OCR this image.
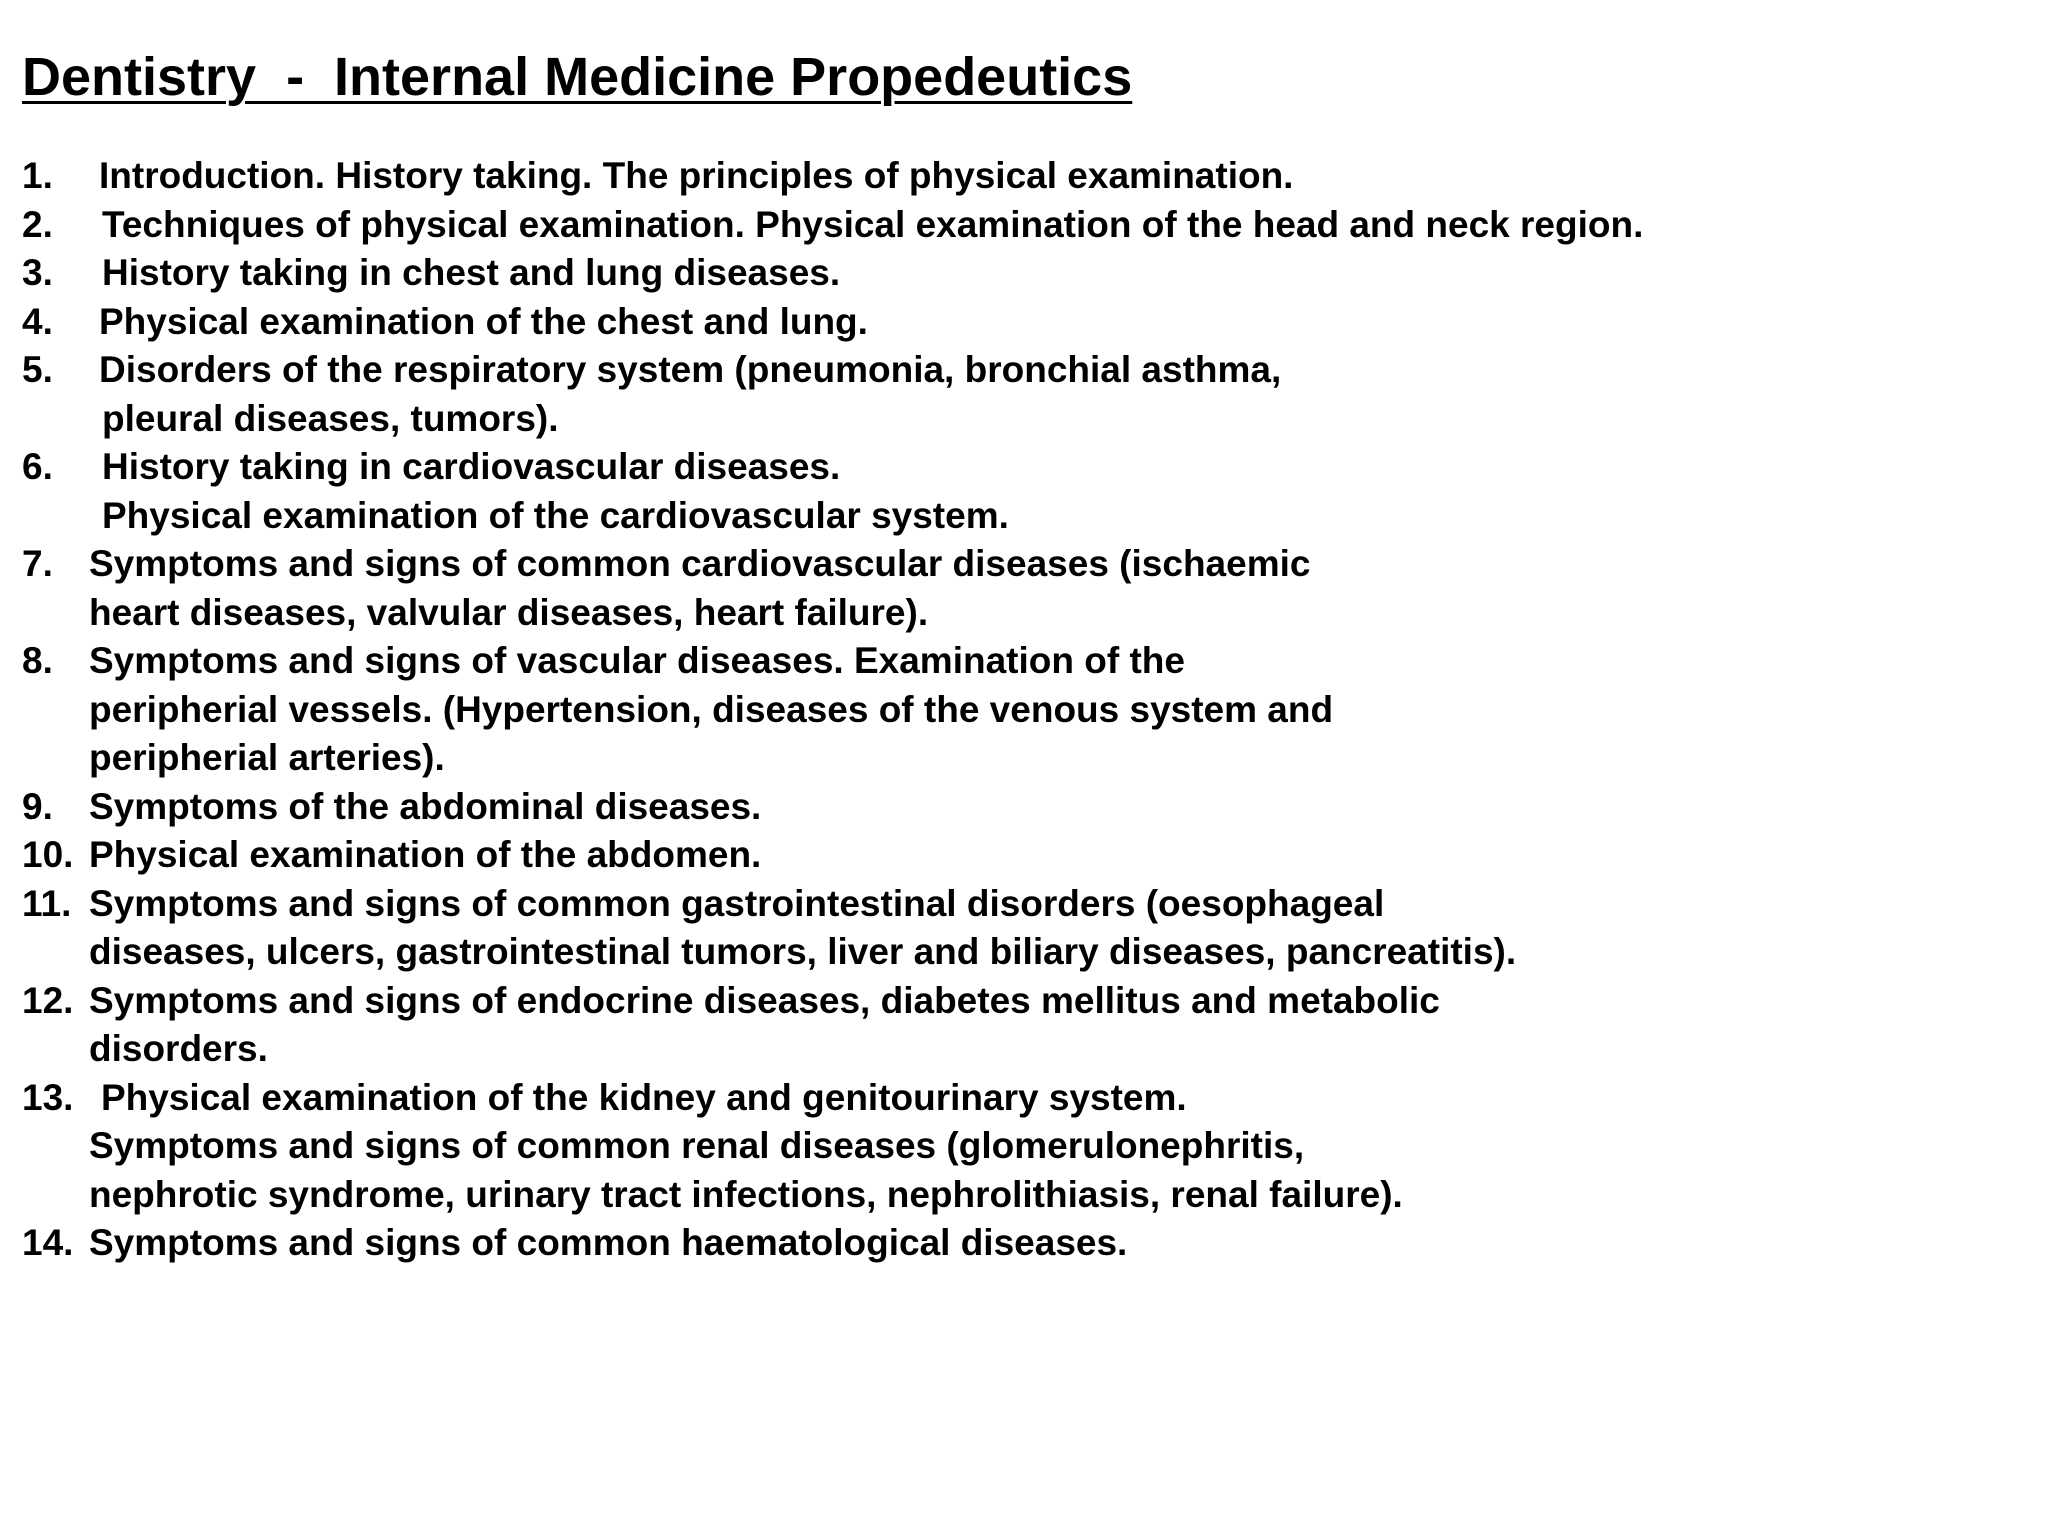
Dentistry  -  Internal Medicine Propedeutics
1. Introduction. History taking. The principles of physical examination.
2. Techniques of physical examination. Physical examination of the head and neck region.
3. History taking in chest and lung diseases.
4. Physical examination of the chest and lung.
5. Disorders of the respiratory system (pneumonia, bronchial asthma,
pleural diseases, tumors).
6. History taking in cardiovascular diseases.
Physical examination of the cardiovascular system.
7. Symptoms and signs of common cardiovascular diseases (ischaemic
heart diseases, valvular diseases, heart failure).
8. Symptoms and signs of vascular diseases. Examination of the
peripherial vessels. (Hypertension, diseases of the venous system and
peripherial arteries).
9. Symptoms of the abdominal diseases.
10. Physical examination of the abdomen.
11. Symptoms and signs of common gastrointestinal disorders (oesophageal
diseases, ulcers, gastrointestinal tumors, liver and biliary diseases, pancreatitis).
12. Symptoms and signs of endocrine diseases, diabetes mellitus and metabolic
disorders.
13. Physical examination of the kidney and genitourinary system.
Symptoms and signs of common renal diseases (glomerulonephritis,
nephrotic syndrome, urinary tract infections, nephrolithiasis, renal failure).
14. Symptoms and signs of common haematological diseases.
